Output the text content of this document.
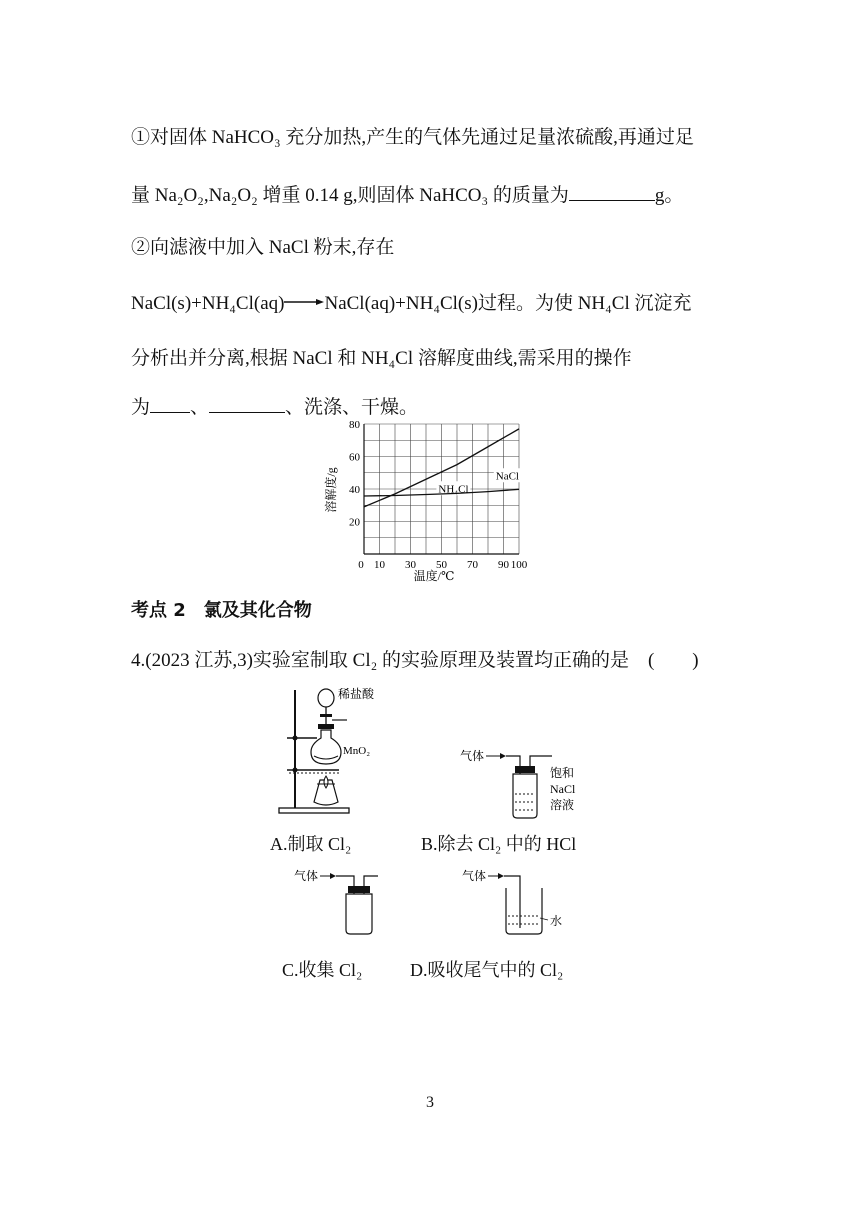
①对固体 NaHCO₃ 充分加热,产生的气体先通过足量浓硫酸,再通过足
量 Na₂O₂,Na₂O₂ 增重 0.14 g,则固体 NaHCO₃ 的质量为	g。
②向滤液中加入 NaCl 粉末,存在
NaCl(s)+NH₄Cl(aq)→NaCl(aq)+NH₄Cl(s)过程。为使 NH₄Cl 沉淀充
分析出并分离,根据 NaCl 和 NH₄Cl 溶解度曲线,需采用的操作
为 、	、洗涤、干燥。
NH₄Cl
NaCl
0 10 30 50 70 90 100
20
40
60
80
溶解度/g
温度/℃
考点 2　氯及其化合物
4.(2023 江苏,3)实验室制取 Cl₂ 的实验原理及装置均正确的是　(　　)
稀盐酸
MnO₂
A.制取 Cl₂
气体
饱和
NaCl
溶液
B.除去 Cl₂ 中的 HCl
气体
C.收集 Cl₂
气体
水
D.吸收尾气中的 Cl₂
3
